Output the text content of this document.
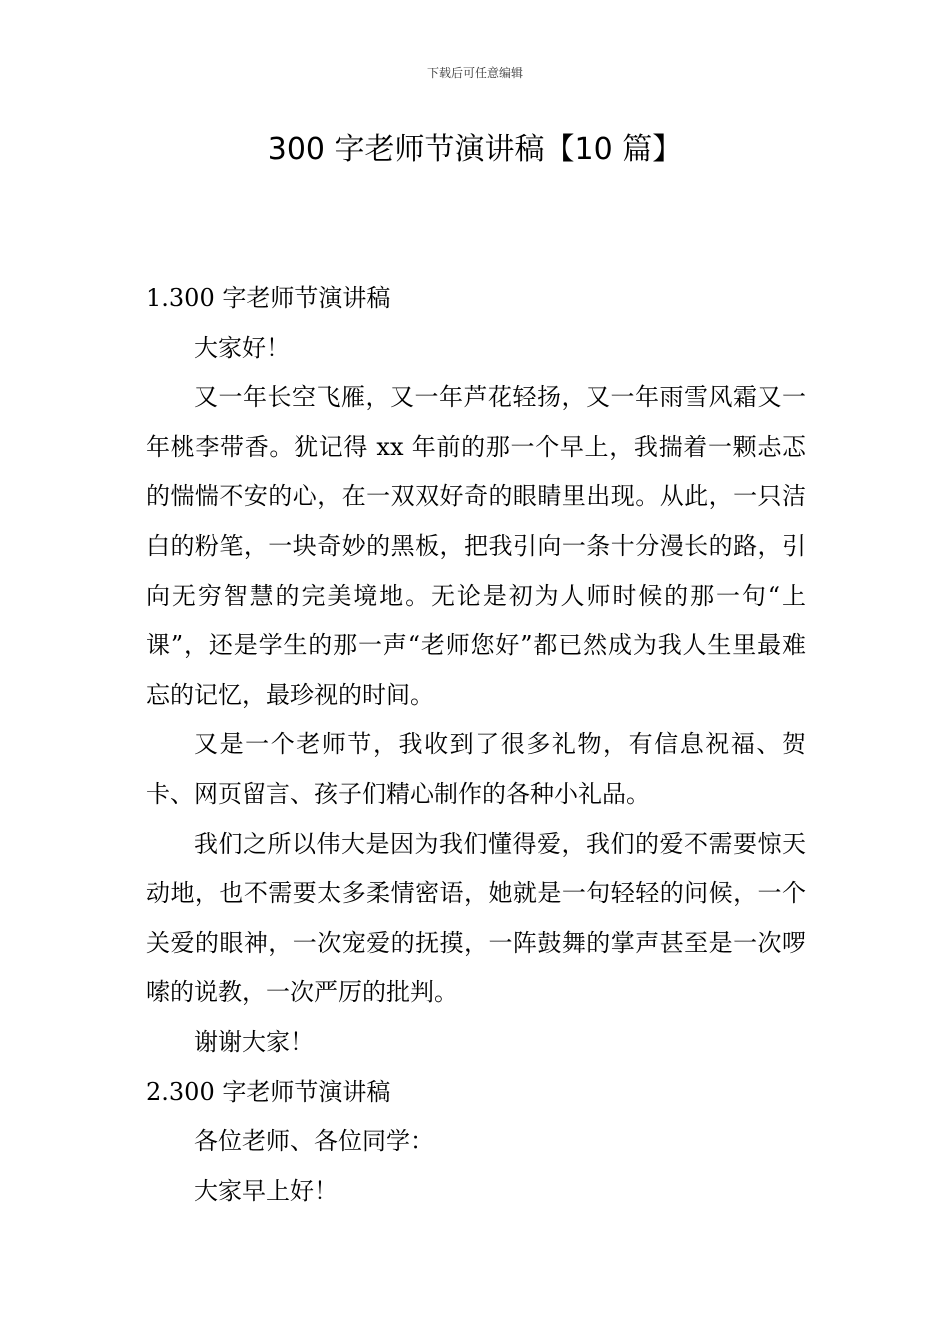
下载后可任意编辑
300 字老师节演讲稿【10 篇】

1.300 字老师节演讲稿

大家好！

又一年长空飞雁，又一年芦花轻扬，又一年雨雪风霜又一年桃李带香。犹记得 xx 年前的那一个早上，我揣着一颗忐忑的惴惴不安的心，在一双双好奇的眼睛里出现。从此，一只洁白的粉笔，一块奇妙的黑板，把我引向一条十分漫长的路，引向无穷智慧的完美境地。无论是初为人师时候的那一句“上课”，还是学生的那一声“老师您好”都已然成为我人生里最难忘的记忆，最珍视的时间。

又是一个老师节，我收到了很多礼物，有信息祝福、贺卡、网页留言、孩子们精心制作的各种小礼品。

我们之所以伟大是因为我们懂得爱，我们的爱不需要惊天动地，也不需要太多柔情密语，她就是一句轻轻的问候，一个关爱的眼神，一次宠爱的抚摸，一阵鼓舞的掌声甚至是一次啰嗦的说教，一次严厉的批判。

谢谢大家！

2.300 字老师节演讲稿

各位老师、各位同学：

大家早上好！
